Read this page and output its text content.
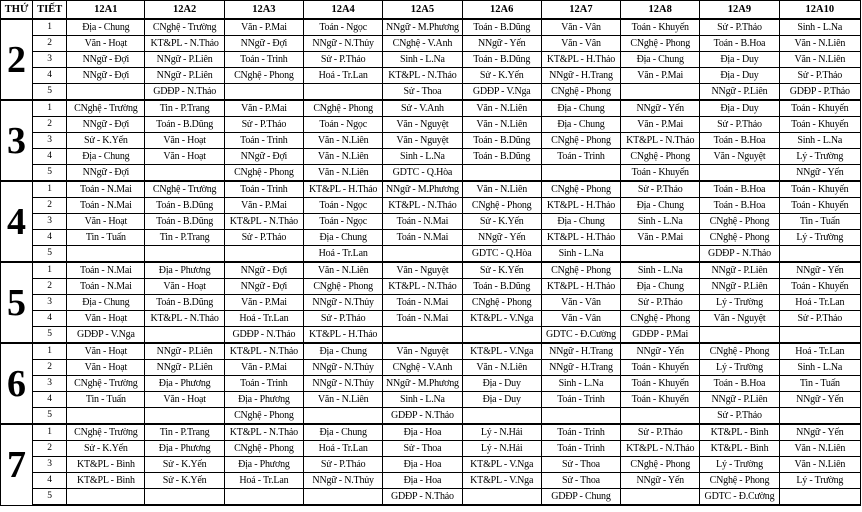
THỨ	TIẾT	12A1	12A2	12A3	12A4	12A5	12A6	12A7	12A8	12A9	12A10
2	1	Địa - Chung	CNghệ - Trường	Văn - P.Mai	Toán - Ngọc	NNgữ - M.Phương	Toán - B.Dũng	Văn - Vân	Toán - Khuyến	Sử - P.Thảo	Sinh - L.Na
	2	Văn - Hoạt	KT&PL - N.Thảo	NNgữ - Đợi	NNgữ - N.Thủy	CNghệ - V.Anh	NNgữ - Yến	Văn - Vân	CNghệ - Phong	Toán - B.Hoa	Văn - N.Liên
	3	NNgữ - Đợi	NNgữ - P.Liên	Toán - Trinh	Sử - P.Thảo	Sinh - L.Na	Toán - B.Dũng	KT&PL - H.Thảo	Địa - Chung	Địa - Duy	Văn - N.Liên
	4	NNgữ - Đợi	NNgữ - P.Liên	CNghệ - Phong	Hoá - Tr.Lan	KT&PL - N.Thảo	Sử - K.Yến	NNgữ - H.Trang	Văn - P.Mai	Địa - Duy	Sử - P.Thảo
	5		GDĐP - N.Thảo			Sử - Thoa	GDĐP - V.Nga	CNghệ - Phong		NNgữ - P.Liên	GDĐP - P.Thảo
3	1	CNghệ - Trường	Tin - P.Trang	Văn - P.Mai	CNghệ - Phong	Sử - V.Anh	Văn - N.Liên	Địa - Chung	NNgữ - Yến	Địa - Duy	Toán - Khuyến
	2	NNgữ - Đợi	Toán - B.Dũng	Sử - P.Thảo	Toán - Ngọc	Văn - Nguyệt	Văn - N.Liên	Địa - Chung	Văn - P.Mai	Sử - P.Thảo	Toán - Khuyến
	3	Sử - K.Yến	Văn - Hoạt	Toán - Trinh	Văn - N.Liên	Văn - Nguyệt	Toán - B.Dũng	CNghệ - Phong	KT&PL - N.Thảo	Toán - B.Hoa	Sinh - L.Na
	4	Địa - Chung	Văn - Hoạt	NNgữ - Đợi	Văn - N.Liên	Sinh - L.Na	Toán - B.Dũng	Toán - Trinh	CNghệ - Phong	Văn - Nguyệt	Lý - Trường
	5	NNgữ - Đợi		CNghệ - Phong	Văn - N.Liên	GDTC - Q.Hòa			Toán - Khuyến		NNgữ - Yến
4	1	Toán - N.Mai	CNghệ - Trường	Toán - Trinh	KT&PL - H.Thảo	NNgữ - M.Phương	Văn - N.Liên	CNghệ - Phong	Sử - P.Thảo	Toán - B.Hoa	Toán - Khuyến
	2	Toán - N.Mai	Toán - B.Dũng	Văn - P.Mai	Toán - Ngọc	KT&PL - N.Thảo	CNghệ - Phong	KT&PL - H.Thảo	Địa - Chung	Toán - B.Hoa	Toán - Khuyến
	3	Văn - Hoạt	Toán - B.Dũng	KT&PL - N.Thảo	Toán - Ngọc	Toán - N.Mai	Sử - K.Yến	Địa - Chung	Sinh - L.Na	CNghệ - Phong	Tin - Tuấn
	4	Tin - Tuấn	Tin - P.Trang	Sử - P.Thảo	Địa - Chung	Toán - N.Mai	NNgữ - Yến	KT&PL - H.Thảo	Văn - P.Mai	CNghệ - Phong	Lý - Trường
	5				Hoá - Tr.Lan		GDTC - Q.Hòa	Sinh - L.Na		GDĐP - N.Thảo	
5	1	Toán - N.Mai	Địa - Phương	NNgữ - Đợi	Văn - N.Liên	Văn - Nguyệt	Sử - K.Yến	CNghệ - Phong	Sinh - L.Na	NNgữ - P.Liên	NNgữ - Yến
	2	Toán - N.Mai	Văn - Hoạt	NNgữ - Đợi	CNghệ - Phong	KT&PL - N.Thảo	Toán - B.Dũng	KT&PL - H.Thảo	Địa - Chung	NNgữ - P.Liên	Toán - Khuyến
	3	Địa - Chung	Toán - B.Dũng	Văn - P.Mai	NNgữ - N.Thủy	Toán - N.Mai	CNghệ - Phong	Văn - Vân	Sử - P.Thảo	Lý - Trường	Hoá - Tr.Lan
	4	Văn - Hoạt	KT&PL - N.Thảo	Hoá - Tr.Lan	Sử - P.Thảo	Toán - N.Mai	KT&PL - V.Nga	Văn - Vân	CNghệ - Phong	Văn - Nguyệt	Sử - P.Thảo
	5	GDĐP - V.Nga		GDĐP - N.Thảo	KT&PL - H.Thảo			GDTC - Đ.Cường	GDĐP - P.Mai		
6	1	Văn - Hoạt	NNgữ - P.Liên	KT&PL - N.Thảo	Địa - Chung	Văn - Nguyệt	KT&PL - V.Nga	NNgữ - H.Trang	NNgữ - Yến	CNghệ - Phong	Hoá - Tr.Lan
	2	Văn - Hoạt	NNgữ - P.Liên	Văn - P.Mai	NNgữ - N.Thủy	CNghệ - V.Anh	Văn - N.Liên	NNgữ - H.Trang	Toán - Khuyến	Lý - Trường	Sinh - L.Na
	3	CNghệ - Trường	Địa - Phương	Toán - Trinh	NNgữ - N.Thủy	NNgữ - M.Phương	Địa - Duy	Sinh - L.Na	Toán - Khuyến	Toán - B.Hoa	Tin - Tuấn
	4	Tin - Tuấn	Văn - Hoạt	Địa - Phương	Văn - N.Liên	Sinh - L.Na	Địa - Duy	Toán - Trinh	Toán - Khuyến	NNgữ - P.Liên	NNgữ - Yến
	5			CNghệ - Phong		GDĐP - N.Thảo				Sử - P.Thảo	
7	1	CNghệ - Trường	Tin - P.Trang	KT&PL - N.Thảo	Địa - Chung	Địa - Hoa	Lý - N.Hải	Toán - Trinh	Sử - P.Thảo	KT&PL - Bình	NNgữ - Yến
	2	Sử - K.Yến	Địa - Phương	CNghệ - Phong	Hoá - Tr.Lan	Sử - Thoa	Lý - N.Hải	Toán - Trinh	KT&PL - N.Thảo	KT&PL - Bình	Văn - N.Liên
	3	KT&PL - Bình	Sử - K.Yến	Địa - Phương	Sử - P.Thảo	Địa - Hoa	KT&PL - V.Nga	Sử - Thoa	CNghệ - Phong	Lý - Trường	Văn - N.Liên
	4	KT&PL - Bình	Sử - K.Yến	Hoá - Tr.Lan	NNgữ - N.Thủy	Địa - Hoa	KT&PL - V.Nga	Sử - Thoa	NNgữ - Yến	CNghệ - Phong	Lý - Trường
	5					GDĐP - N.Thảo		GDĐP - Chung		GDTC - Đ.Cường	
